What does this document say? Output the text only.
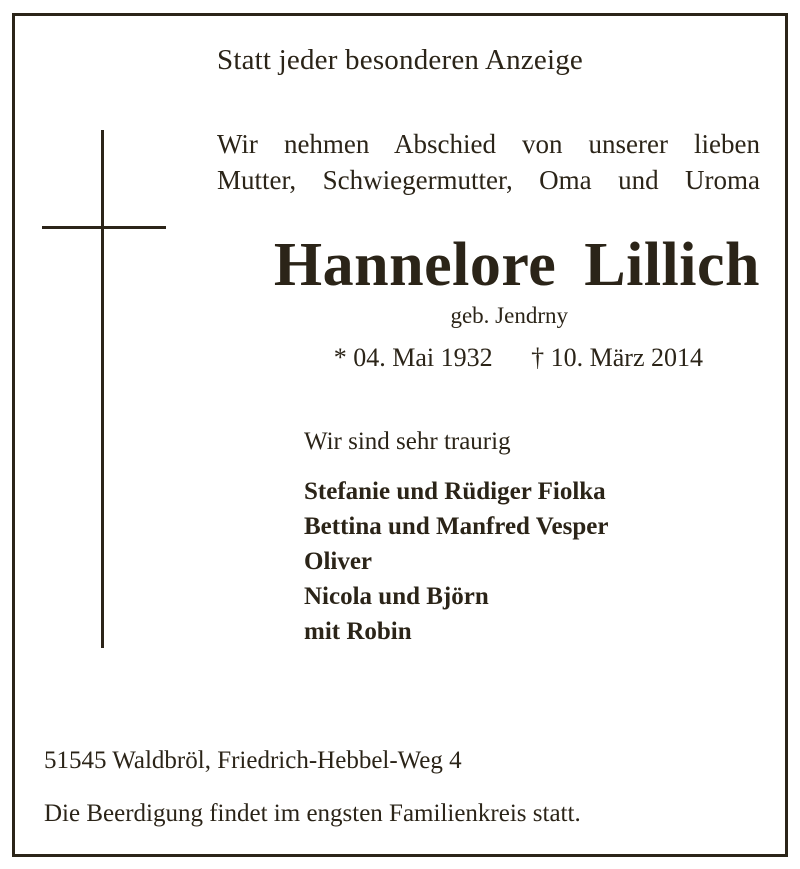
Statt jeder besonderen Anzeige
Wir nehmen Abschied von unserer lieben
Mutter, Schwiegermutter, Oma und Uroma
Hannelore Lillich
geb. Jendrny
* 04. Mai 1932 † 10. März 2014
Wir sind sehr traurig
Stefanie und Rüdiger Fiolka
Bettina und Manfred Vesper
Oliver
Nicola und Björn
mit Robin
51545 Waldbröl, Friedrich-Hebbel-Weg 4
Die Beerdigung findet im engsten Familienkreis statt.
